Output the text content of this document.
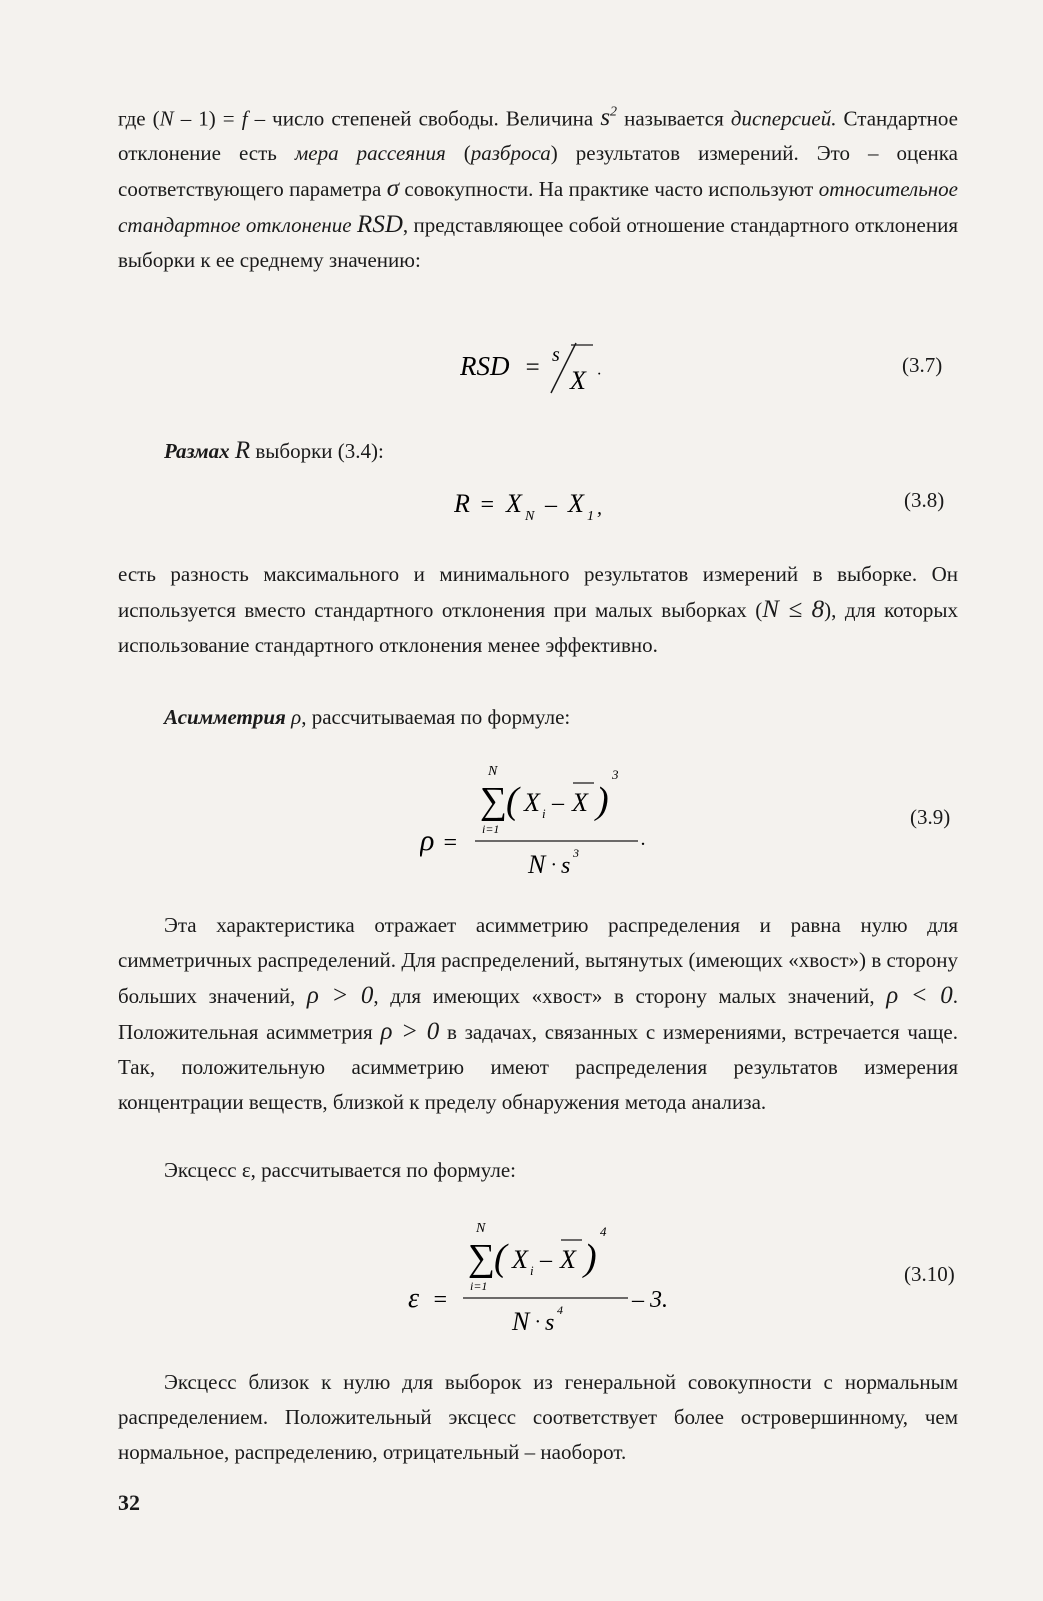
где (N – 1) = f – число степеней свободы. Величина $s^2$ называется дисперсией. Стандартное отклонение есть мера рассеяния (разброса) результатов измерений. Это – оценка соответствующего параметра σ совокупности. На практике часто используют относительное стандартное отклонение RSD, представляющее собой отношение стандартного отклонения выборки к ее среднему значению:

RSD = s
X ·	(3.7)

Размах R выборки (3.4):

R = X N – X 1 ,	(3.8)

есть разность максимального и минимального результатов измерений в выборке. Он используется вместо стандартного отклонения при малых выборках (N ≤ 8), для которых использование стандартного отклонения менее эффективно.

Асимметрия ρ, рассчитываемая по формуле:

ρ =
N
∑
i=1
( X i – X )
3
N · s 3
.
(3.9)

Эта характеристика отражает асимметрию распределения и равна нулю для симметричных распределений. Для распределений, вытянутых (имеющих «хвост») в сторону больших значений, ρ > 0, для имеющих «хвост» в сторону малых значений, ρ < 0. Положительная асимметрия ρ > 0 в задачах, связанных с измерениями, встречается чаще. Так, положительную асимметрию имеют распределения результатов измерения концентрации веществ, близкой к пределу обнаружения метода анализа.

Эксцесс ε, рассчитывается по формуле:

ε =
N
∑
i=1
( X i – X )
4
N · s 4	– 3.
(3.10)

Эксцесс близок к нулю для выборок из генеральной совокупности с нормальным распределением. Положительный эксцесс соответствует более островершинному, чем нормальное, распределению, отрицательный – наоборот.

32
